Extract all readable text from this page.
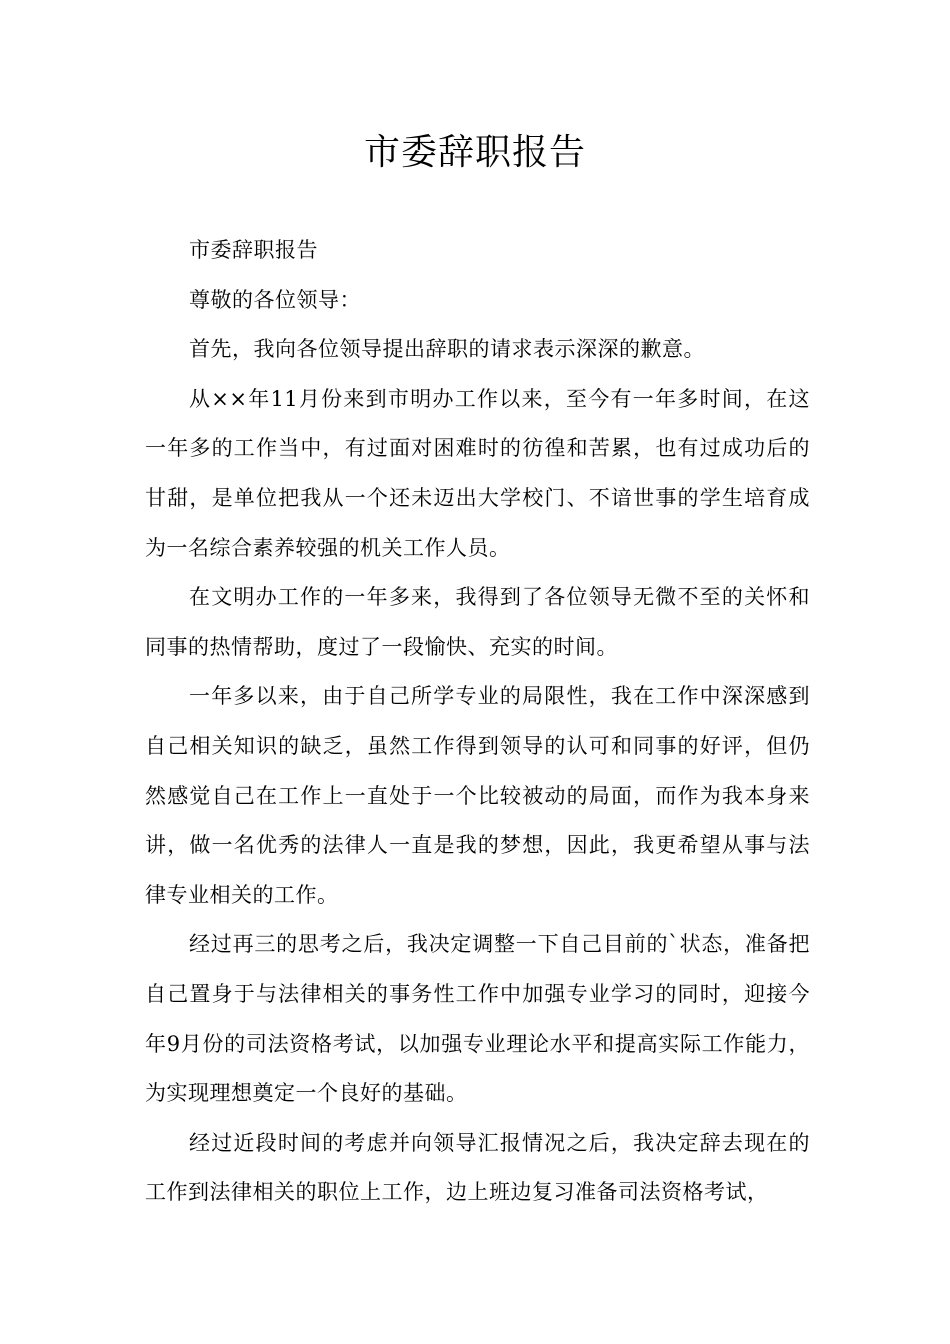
市委辞职报告

市委辞职报告

尊敬的各位领导：

首先，我向各位领导提出辞职的请求表示深深的歉意。

从××年11月份来到市明办工作以来，至今有一年多时间，在这一年多的工作当中，有过面对困难时的彷徨和苦累，也有过成功后的甘甜，是单位把我从一个还未迈出大学校门、不谙世事的学生培育成为一名综合素养较强的机关工作人员。

在文明办工作的一年多来，我得到了各位领导无微不至的关怀和同事的热情帮助，度过了一段愉快、充实的时间。

一年多以来，由于自己所学专业的局限性，我在工作中深深感到自己相关知识的缺乏，虽然工作得到领导的认可和同事的好评，但仍然感觉自己在工作上一直处于一个比较被动的局面，而作为我本身来讲，做一名优秀的法律人一直是我的梦想，因此，我更希望从事与法律专业相关的工作。

经过再三的思考之后，我决定调整一下自己目前的`状态，准备把自己置身于与法律相关的事务性工作中加强专业学习的同时，迎接今年9月份的司法资格考试，以加强专业理论水平和提高实际工作能力，为实现理想奠定一个良好的基础。

经过近段时间的考虑并向领导汇报情况之后，我决定辞去现在的工作到法律相关的职位上工作，边上班边复习准备司法资格考试，
